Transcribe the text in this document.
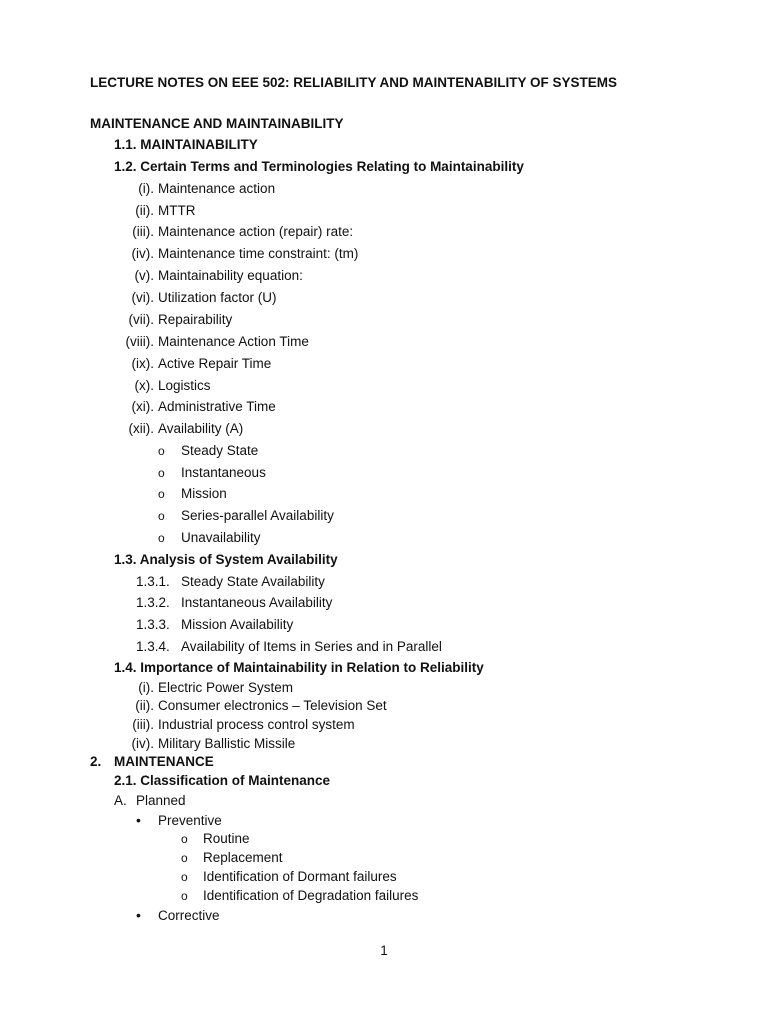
LECTURE NOTES ON EEE 502: RELIABILITY AND MAINTENABILITY OF SYSTEMS
MAINTENANCE AND MAINTAINABILITY
1.1. MAINTAINABILITY
1.2. Certain Terms and Terminologies Relating to Maintainability
(i). Maintenance action
(ii). MTTR
(iii). Maintenance action (repair) rate:
(iv). Maintenance time constraint: (tm)
(v). Maintainability equation:
(vi). Utilization factor (U)
(vii). Repairability
(viii). Maintenance Action Time
(ix). Active Repair Time
(x). Logistics
(xi). Administrative Time
(xii). Availability (A)
o Steady State
o Instantaneous
o Mission
o Series-parallel Availability
o Unavailability
1.3. Analysis of System Availability
1.3.1. Steady State Availability
1.3.2. Instantaneous Availability
1.3.3. Mission Availability
1.3.4. Availability of Items in Series and in Parallel
1.4. Importance of Maintainability in Relation to Reliability
(i). Electric Power System
(ii). Consumer electronics – Television Set
(iii). Industrial process control system
(iv). Military Ballistic Missile
2. MAINTENANCE
2.1. Classification of Maintenance
A. Planned
• Preventive
o Routine
o Replacement
o Identification of Dormant failures
o Identification of Degradation failures
• Corrective
1
